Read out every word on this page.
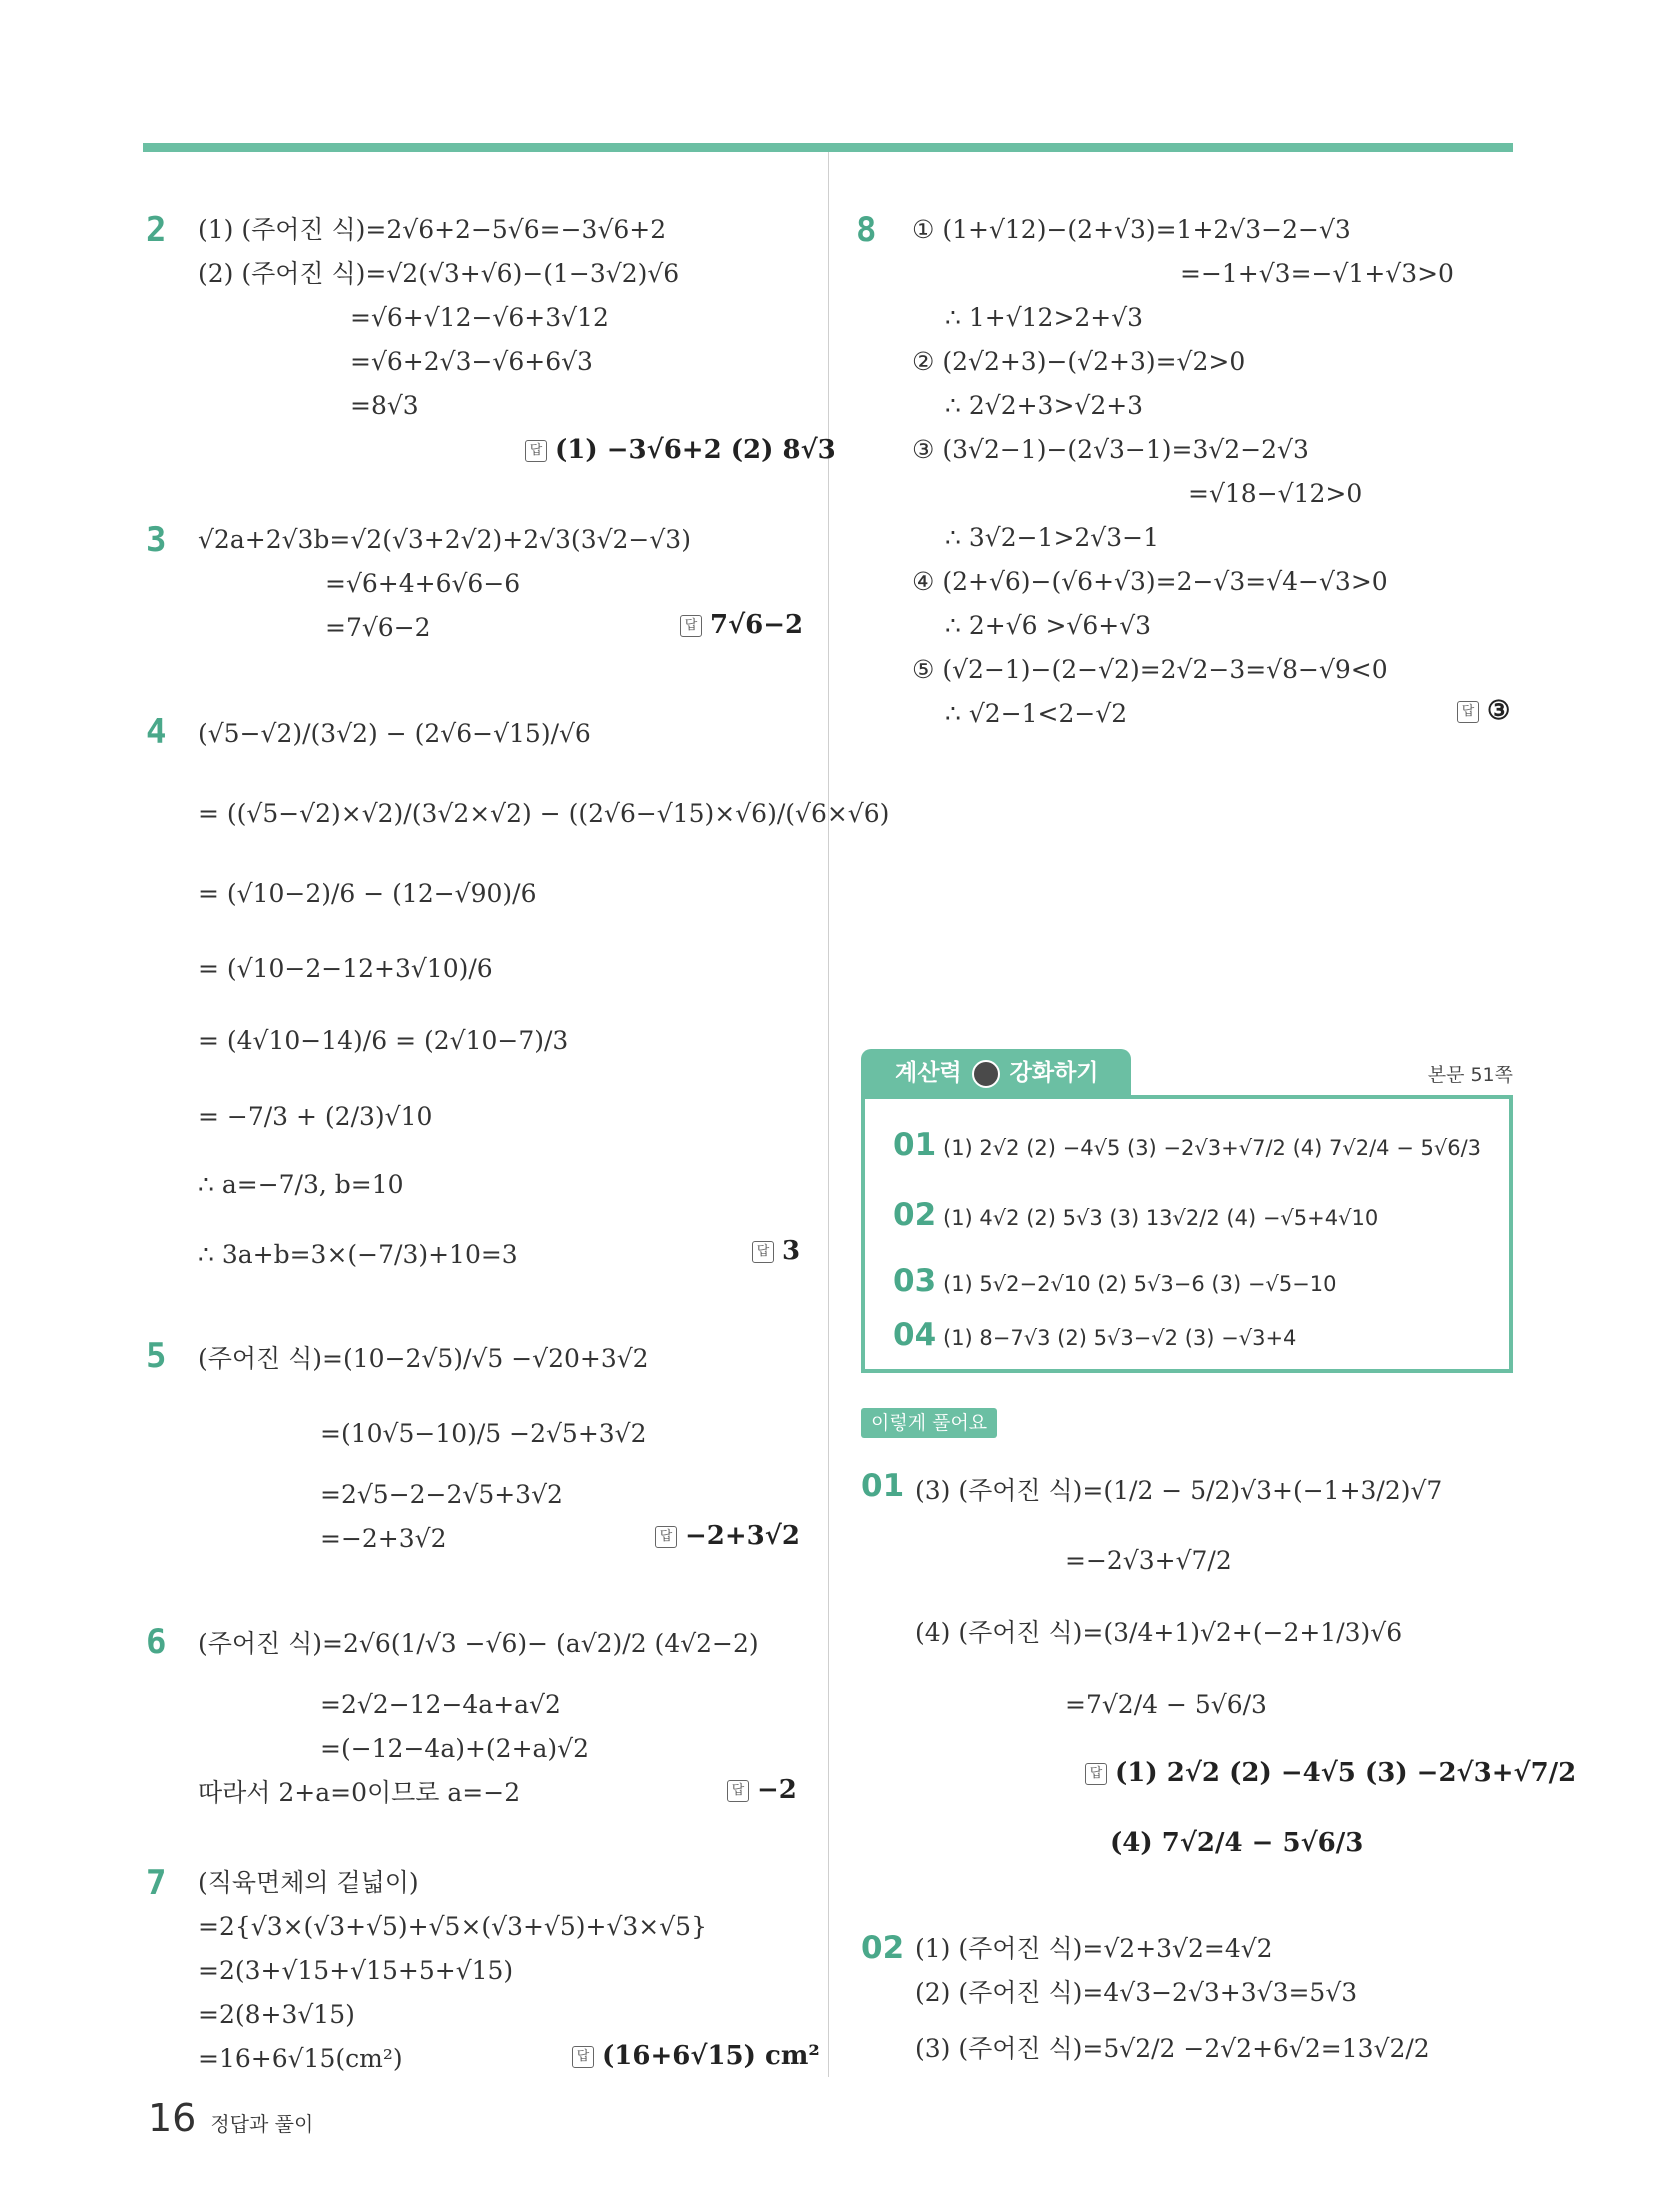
2 (1) (주어진 식)=2√6+2−5√6=−3√6+2
(2) (주어진 식)=√2(√3+√6)−(1−3√2)√6
=√6+√12−√6+3√12
=√6+2√3−√6+6√3
=8√3
답 (1) −3√6+2 (2) 8√3
3 √2a+2√3b=√2(√3+2√2)+2√3(3√2−√3)
=√6+4+6√6−6
=7√6−2	답 7√6−2
4 (√5−√2)/(3√2) − (2√6−√15)/√6
= ((√5−√2)×√2)/(3√2×√2) − ((2√6−√15)×√6)/(√6×√6)
= (√10−2)/6 − (12−√90)/6
= (√10−2−12+3√10)/6
= (4√10−14)/6 = (2√10−7)/3
= −7/3 + (2/3)√10
∴ a=−7/3, b=10
∴ 3a+b=3×(−7/3)+10=3	답 3
5 (주어진 식)=(10−2√5)/√5 −√20+3√2
=(10√5−10)/5 −2√5+3√2
=2√5−2−2√5+3√2
=−2+3√2	답 −2+3√2
6 (주어진 식)=2√6(1/√3 −√6)− (a√2)/2 (4√2−2)
=2√2−12−4a+a√2
=(−12−4a)+(2+a)√2
따라서 2+a=0이므로 a=−2	답 −2
7 (직육면체의 겉넓이)
=2{√3×(√3+√5)+√5×(√3+√5)+√3×√5}
=2(3+√15+√15+5+√15)
=2(8+3√15)
=16+6√15(cm²)	답 (16+6√15) cm²
8 ① (1+√12)−(2+√3)=1+2√3−2−√3
=−1+√3=−√1+√3>0
∴ 1+√12>2+√3
② (2√2+3)−(√2+3)=√2>0
∴ 2√2+3>√2+3
③ (3√2−1)−(2√3−1)=3√2−2√3
=√18−√12>0
∴ 3√2−1>2√3−1
④ (2+√6)−(√6+√3)=2−√3=√4−√3>0
∴ 2+√6 >√6+√3
⑤ (√2−1)−(2−√2)=2√2−3=√8−√9<0
∴ √2−1<2−√2	답 ③
계산력 강화하기	본문 51쪽
01 (1) 2√2 (2) −4√5 (3) −2√3+√7/2 (4) 7√2/4 − 5√6/3
02 (1) 4√2 (2) 5√3 (3) 13√2/2 (4) −√5+4√10
03 (1) 5√2−2√10 (2) 5√3−6 (3) −√5−10
04 (1) 8−7√3 (2) 5√3−√2 (3) −√3+4
이렇게 풀어요
01 (3) (주어진 식)=(1/2 − 5/2)√3+(−1+3/2)√7
=−2√3+√7/2
(4) (주어진 식)=(3/4+1)√2+(−2+1/3)√6
=7√2/4 − 5√6/3
답 (1) 2√2 (2) −4√5 (3) −2√3+√7/2
(4) 7√2/4 − 5√6/3
02 (1) (주어진 식)=√2+3√2=4√2
(2) (주어진 식)=4√3−2√3+3√3=5√3
(3) (주어진 식)=5√2/2 −2√2+6√2=13√2/2
16 정답과 풀이
